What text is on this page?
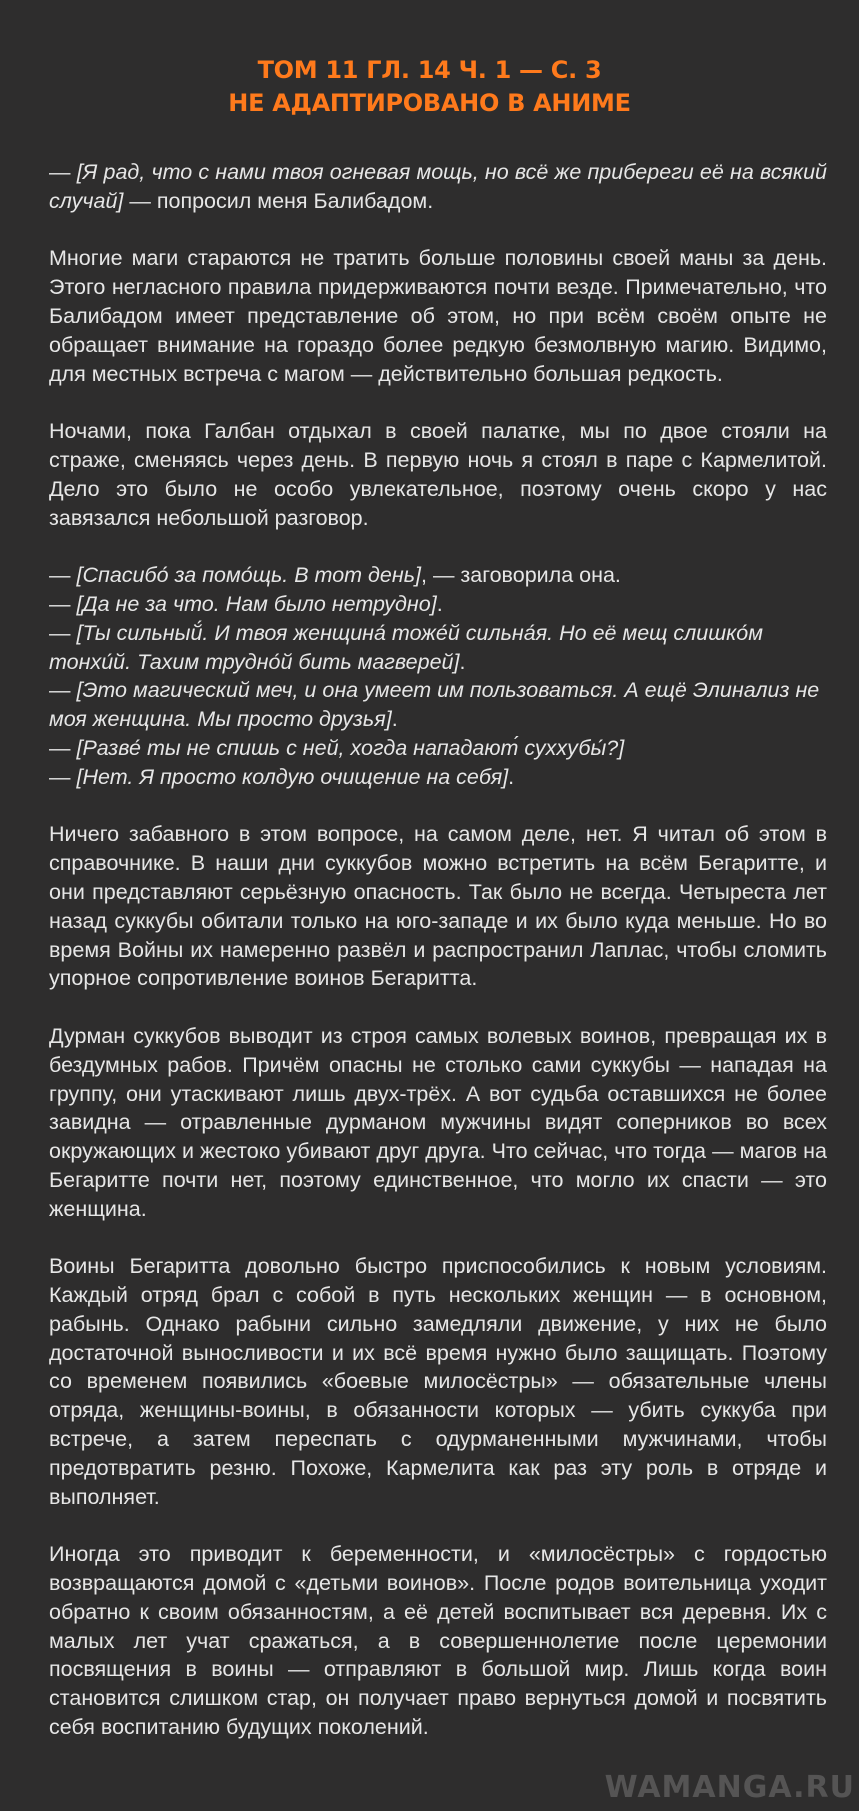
ТОМ 11 ГЛ. 14 Ч. 1 — С. 3
НЕ АДАПТИРОВАНО В АНИМЕ
— [Я рад, что с нами твоя огневая мощь, но всё же прибереги её на всякий случай] — попросил меня Балибадом.
Многие маги стараются не тратить больше половины своей маны за день. Этого негласного правила придерживаются почти везде. Примечательно, что Балибадом имеет представление об этом, но при всём своём опыте не обращает внимание на гораздо более редкую безмолвную магию. Видимо, для местных встреча с магом — действительно большая редкость.
Ночами, пока Галбан отдыхал в своей палатке, мы по двое стояли на страже, сменяясь через день. В первую ночь я стоял в паре с Кармелитой. Дело это было не особо увлекательное, поэтому очень скоро у нас завязался небольшой разговор.
— [Спасибо́ за помо́щь. В тот день], — заговорила она.
— [Да не за что. Нам было нетрудно].
— [Ты сильный́. И твоя женщина́ тоже́й сильна́я. Но её мещ слишко́м тонхи́й. Тахим трудно́й бить магверей].
— [Это магический меч, и она умеет им пользоваться. А ещё Элинализ не моя женщина. Мы просто друзья].
— [Разве́ ты не спишь с ней, хогда нападают́ суххубы́?]
— [Нет. Я просто колдую очищение на себя].
Ничего забавного в этом вопросе, на самом деле, нет. Я читал об этом в справочнике. В наши дни суккубов можно встретить на всём Бегаритте, и они представляют серьёзную опасность. Так было не всегда. Четыреста лет назад суккубы обитали только на юго-западе и их было куда меньше. Но во время Войны их намеренно развёл и распространил Лаплас, чтобы сломить упорное сопротивление воинов Бегаритта.
Дурман суккубов выводит из строя самых волевых воинов, превращая их в бездумных рабов. Причём опасны не столько сами суккубы — нападая на группу, они утаскивают лишь двух-трёх. А вот судьба оставшихся не более завидна — отравленные дурманом мужчины видят соперников во всех окружающих и жестоко убивают друг друга. Что сейчас, что тогда — магов на Бегаритте почти нет, поэтому единственное, что могло их спасти — это женщина.
Воины Бегаритта довольно быстро приспособились к новым условиям. Каждый отряд брал с собой в путь нескольких женщин — в основном, рабынь. Однако рабыни сильно замедляли движение, у них не было достаточной выносливости и их всё время нужно было защищать. Поэтому со временем появились «боевые милосёстры» — обязательные члены отряда, женщины-воины, в обязанности которых — убить суккуба при встрече, а затем переспать с одурманенными мужчинами, чтобы предотвратить резню. Похоже, Кармелита как раз эту роль в отряде и выполняет.
Иногда это приводит к беременности, и «милосёстры» с гордостью возвращаются домой с «детьми воинов». После родов воительница уходит обратно к своим обязанностям, а её детей воспитывает вся деревня. Их с малых лет учат сражаться, а в совершеннолетие после церемонии посвящения в воины — отправляют в большой мир. Лишь когда воин становится слишком стар, он получает право вернуться домой и посвятить себя воспитанию будущих поколений.
WAMANGA.RU
